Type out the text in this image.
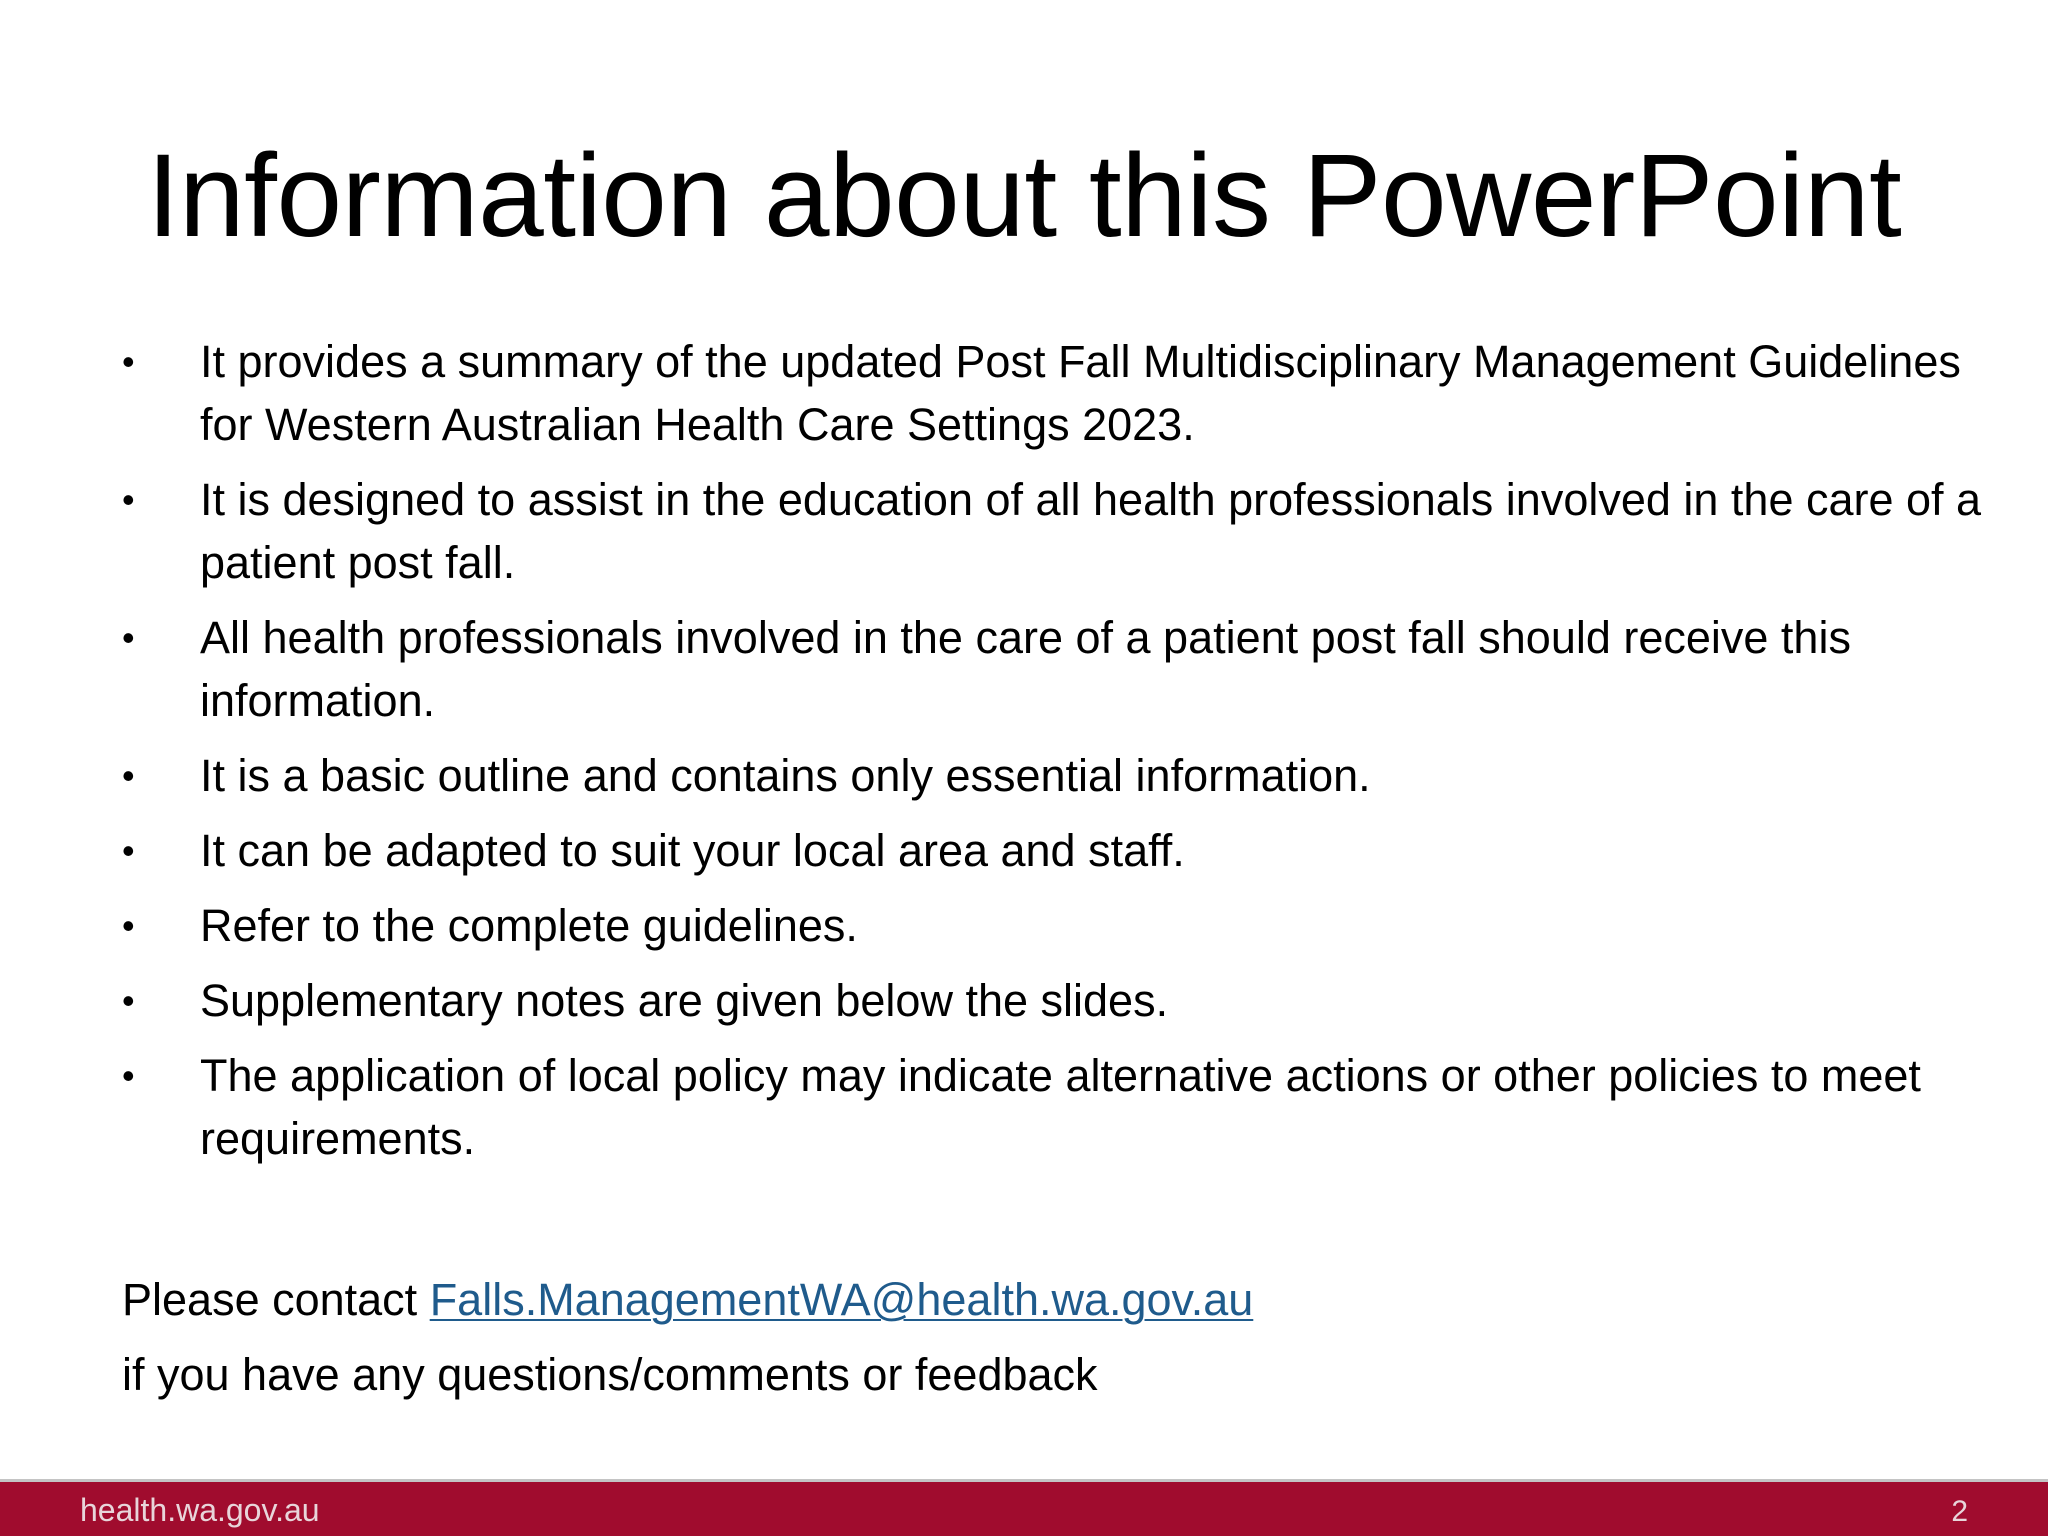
Information about this PowerPoint
•	It provides a summary of the updated Post Fall Multidisciplinary Management Guidelines for Western Australian Health Care Settings 2023.
•	It is designed to assist in the education of all health professionals involved in the care of a patient post fall.
•	All health professionals involved in the care of a patient post fall should receive this information.
•	It is a basic outline and contains only essential information.
•	It can be adapted to suit your local area and staff.
•	Refer to the complete guidelines.
•	Supplementary notes are given below the slides.
•	The application of local policy may indicate alternative actions or other policies to meet requirements.
Please contact Falls.ManagementWA@health.wa.gov.au
if you have any questions/comments or feedback
health.wa.gov.au	2
